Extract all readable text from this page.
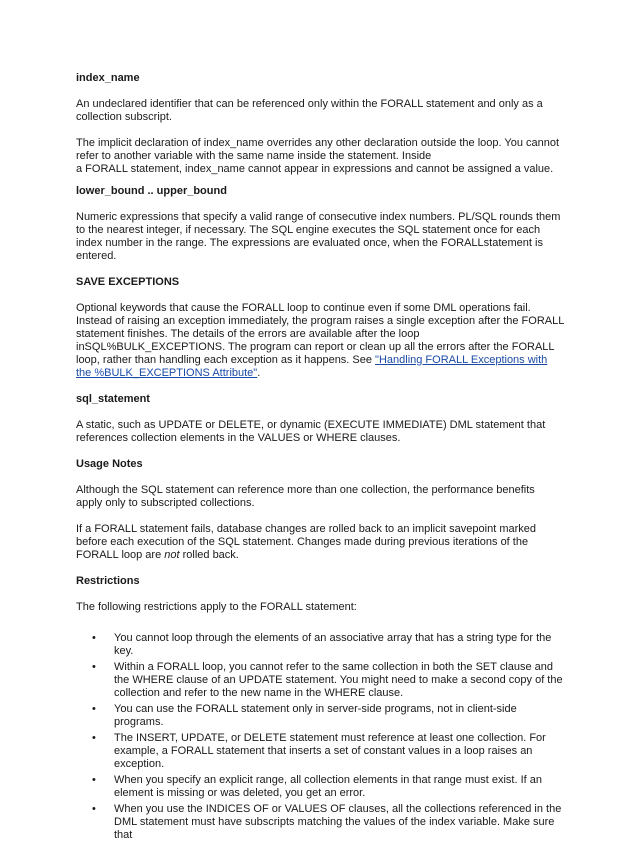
index_name
An undeclared identifier that can be referenced only within the FORALL statement and only as a collection subscript.
The implicit declaration of index_name overrides any other declaration outside the loop. You cannot refer to another variable with the same name inside the statement. Inside
a FORALL statement, index_name cannot appear in expressions and cannot be assigned a value.
lower_bound .. upper_bound
Numeric expressions that specify a valid range of consecutive index numbers. PL/SQL rounds them to the nearest integer, if necessary. The SQL engine executes the SQL statement once for each index number in the range. The expressions are evaluated once, when the FORALLstatement is entered.
SAVE EXCEPTIONS
Optional keywords that cause the FORALL loop to continue even if some DML operations fail. Instead of raising an exception immediately, the program raises a single exception after the FORALL statement finishes. The details of the errors are available after the loop inSQL%BULK_EXCEPTIONS. The program can report or clean up all the errors after the FORALL loop, rather than handling each exception as it happens. See "Handling FORALL Exceptions with the %BULK_EXCEPTIONS Attribute".
sql_statement
A static, such as UPDATE or DELETE, or dynamic (EXECUTE IMMEDIATE) DML statement that references collection elements in the VALUES or WHERE clauses.
Usage Notes
Although the SQL statement can reference more than one collection, the performance benefits apply only to subscripted collections.
If a FORALL statement fails, database changes are rolled back to an implicit savepoint marked before each execution of the SQL statement. Changes made during previous iterations of the FORALL loop are not rolled back.
Restrictions
The following restrictions apply to the FORALL statement:
• You cannot loop through the elements of an associative array that has a string type for the key.
• Within a FORALL loop, you cannot refer to the same collection in both the SET clause and the WHERE clause of an UPDATE statement. You might need to make a second copy of the collection and refer to the new name in the WHERE clause.
• You can use the FORALL statement only in server-side programs, not in client-side programs.
• The INSERT, UPDATE, or DELETE statement must reference at least one collection. For example, a FORALL statement that inserts a set of constant values in a loop raises an exception.
• When you specify an explicit range, all collection elements in that range must exist. If an element is missing or was deleted, you get an error.
• When you use the INDICES OF or VALUES OF clauses, all the collections referenced in the DML statement must have subscripts matching the values of the index variable. Make sure that
